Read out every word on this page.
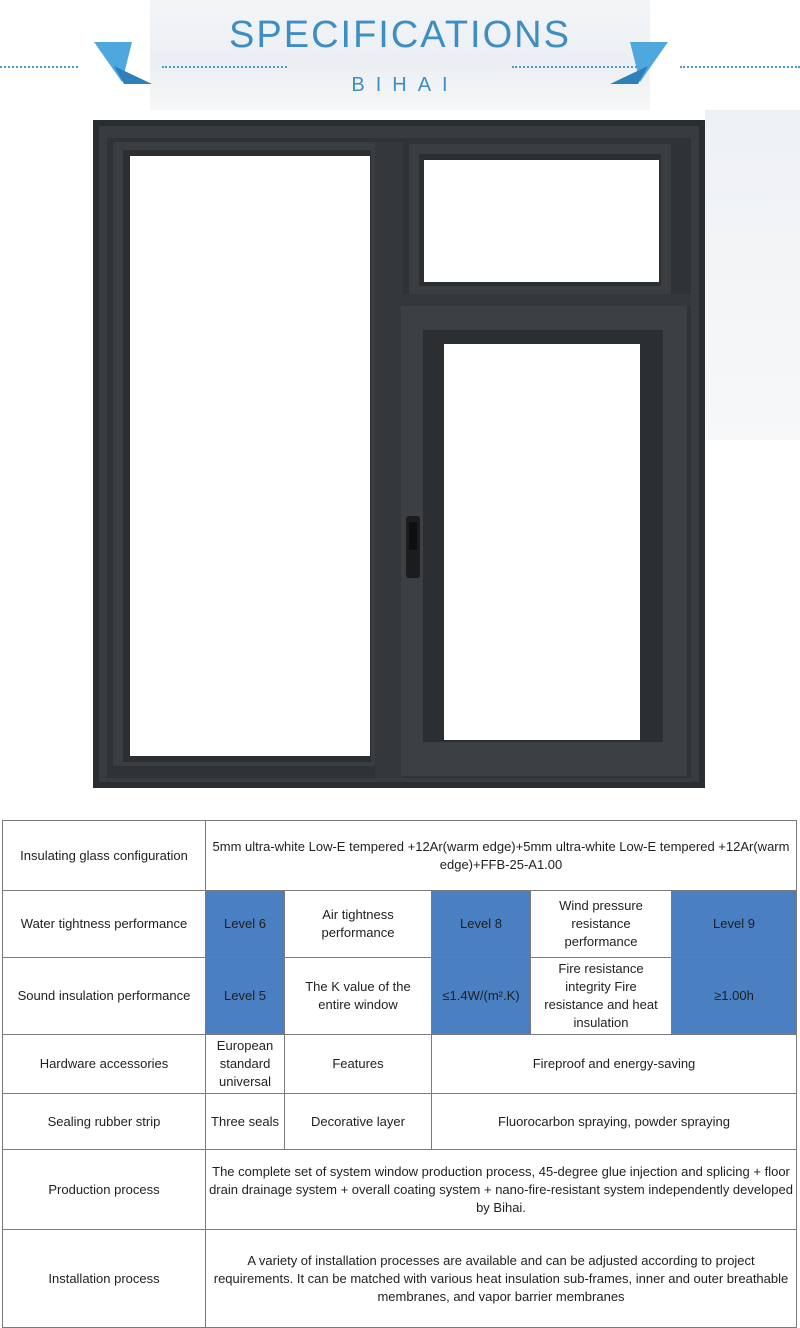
SPECIFICATIONS
BIHAI
Insulating glass configuration	5mm ultra-white Low-E tempered +12Ar(warm edge)+5mm ultra-white Low-E tempered +12Ar(warm edge)+FFB-25-A1.00				
Water tightness performance	Level 6	Air tightness performance	Level 8	Wind pressure resistance performance	Level 9
Sound insulation performance	Level 5	The K value of the entire window	≤1.4W/(m².K)	Fire resistance integrity Fire resistance and heat insulation	≥1.00h
Hardware accessories	European standard universal	Features	Fireproof and energy-saving		
Sealing rubber strip	Three seals	Decorative layer	Fluorocarbon spraying, powder spraying		
Production process	The complete set of system window production process, 45-degree glue injection and splicing + floor drain drainage system + overall coating system + nano-fire-resistant system independently developed by Bihai.				
Installation process	A variety of installation processes are available and can be adjusted according to project requirements. It can be matched with various heat insulation sub-frames, inner and outer breathable membranes, and vapor barrier membranes				
